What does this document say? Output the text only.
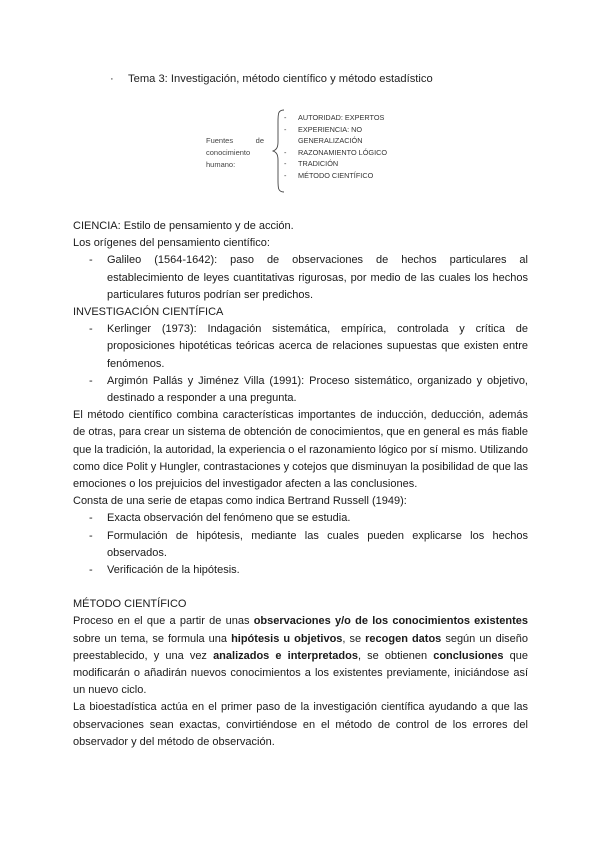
· Tema 3: Investigación, método científico y método estadístico
Fuentes	de
conocimiento
humano:
- AUTORIDAD: EXPERTOS
- EXPERIENCIA: NO
GENERALIZACIÓN
- RAZONAMIENTO LÓGICO
- TRADICIÓN
- MÉTODO CIENTÍFICO

CIENCIA: Estilo de pensamiento y de acción.

Los orígenes del pensamiento científico:

- Galileo (1564-1642): paso de observaciones de hechos particulares al establecimiento de leyes cuantitativas rigurosas, por medio de las cuales los hechos particulares futuros podrían ser predichos.

INVESTIGACIÓN CIENTÍFICA

- Kerlinger (1973): Indagación sistemática, empírica, controlada y crítica de proposiciones hipotéticas teóricas acerca de relaciones supuestas que existen entre fenómenos.
- Argimón Pallás y Jiménez Villa (1991): Proceso sistemático, organizado y objetivo, destinado a responder a una pregunta.

El método científico combina características importantes de inducción, deducción, además de otras, para crear un sistema de obtención de conocimientos, que en general es más fiable que la tradición, la autoridad, la experiencia o el razonamiento lógico por sí mismo. Utilizando como dice Polit y Hungler, contrastaciones y cotejos que disminuyan la posibilidad de que las emociones o los prejuicios del investigador afecten a las conclusiones.

Consta de una serie de etapas como indica Bertrand Russell (1949):

- Exacta observación del fenómeno que se estudia.
- Formulación de hipótesis, mediante las cuales pueden explicarse los hechos observados.
- Verificación de la hipótesis.

MÉTODO CIENTÍFICO

Proceso en el que a partir de unas observaciones y/o de los conocimientos existentes sobre un tema, se formula una hipótesis u objetivos, se recogen datos según un diseño preestablecido, y una vez analizados e interpretados, se obtienen conclusiones que modificarán o añadirán nuevos conocimientos a los existentes previamente, iniciándose así un nuevo ciclo.

La bioestadística actúa en el primer paso de la investigación científica ayudando a que las observaciones sean exactas, convirtiéndose en el método de control de los errores del observador y del método de observación.
